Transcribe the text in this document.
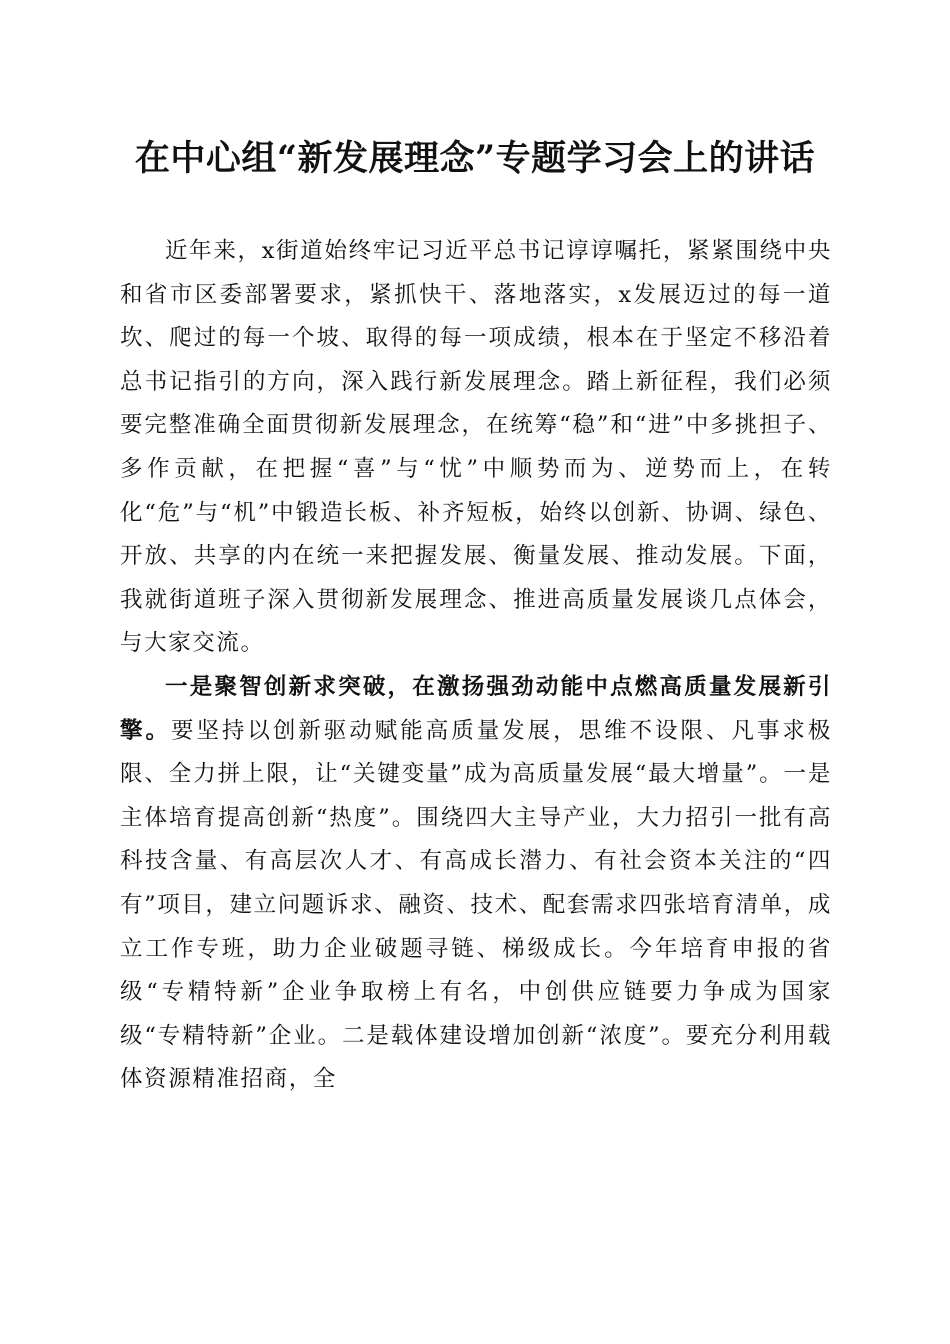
在中心组“新发展理念”专题学习会上的讲话

近年来，x街道始终牢记习近平总书记谆谆嘱托，紧紧围绕中央和省市区委部署要求，紧抓快干、落地落实，x发展迈过的每一道坎、爬过的每一个坡、取得的每一项成绩，根本在于坚定不移沿着总书记指引的方向，深入践行新发展理念。踏上新征程，我们必须要完整准确全面贯彻新发展理念，在统筹“稳”和“进”中多挑担子、多作贡献，在把握“喜”与“忧”中顺势而为、逆势而上，在转化“危”与“机”中锻造长板、补齐短板，始终以创新、协调、绿色、开放、共享的内在统一来把握发展、衡量发展、推动发展。下面，我就街道班子深入贯彻新发展理念、推进高质量发展谈几点体会，与大家交流。

一是聚智创新求突破，在激扬强劲动能中点燃高质量发展新引擎。要坚持以创新驱动赋能高质量发展，思维不设限、凡事求极限、全力拼上限，让“关键变量”成为高质量发展“最大增量”。一是主体培育提高创新“热度”。围绕四大主导产业，大力招引一批有高科技含量、有高层次人才、有高成长潜力、有社会资本关注的“四有”项目，建立问题诉求、融资、技术、配套需求四张培育清单，成立工作专班，助力企业破题寻链、梯级成长。今年培育申报的省级“专精特新”企业争取榜上有名，中创供应链要力争成为国家级“专精特新”企业。二是载体建设增加创新“浓度”。要充分利用载体资源精准招商，全
